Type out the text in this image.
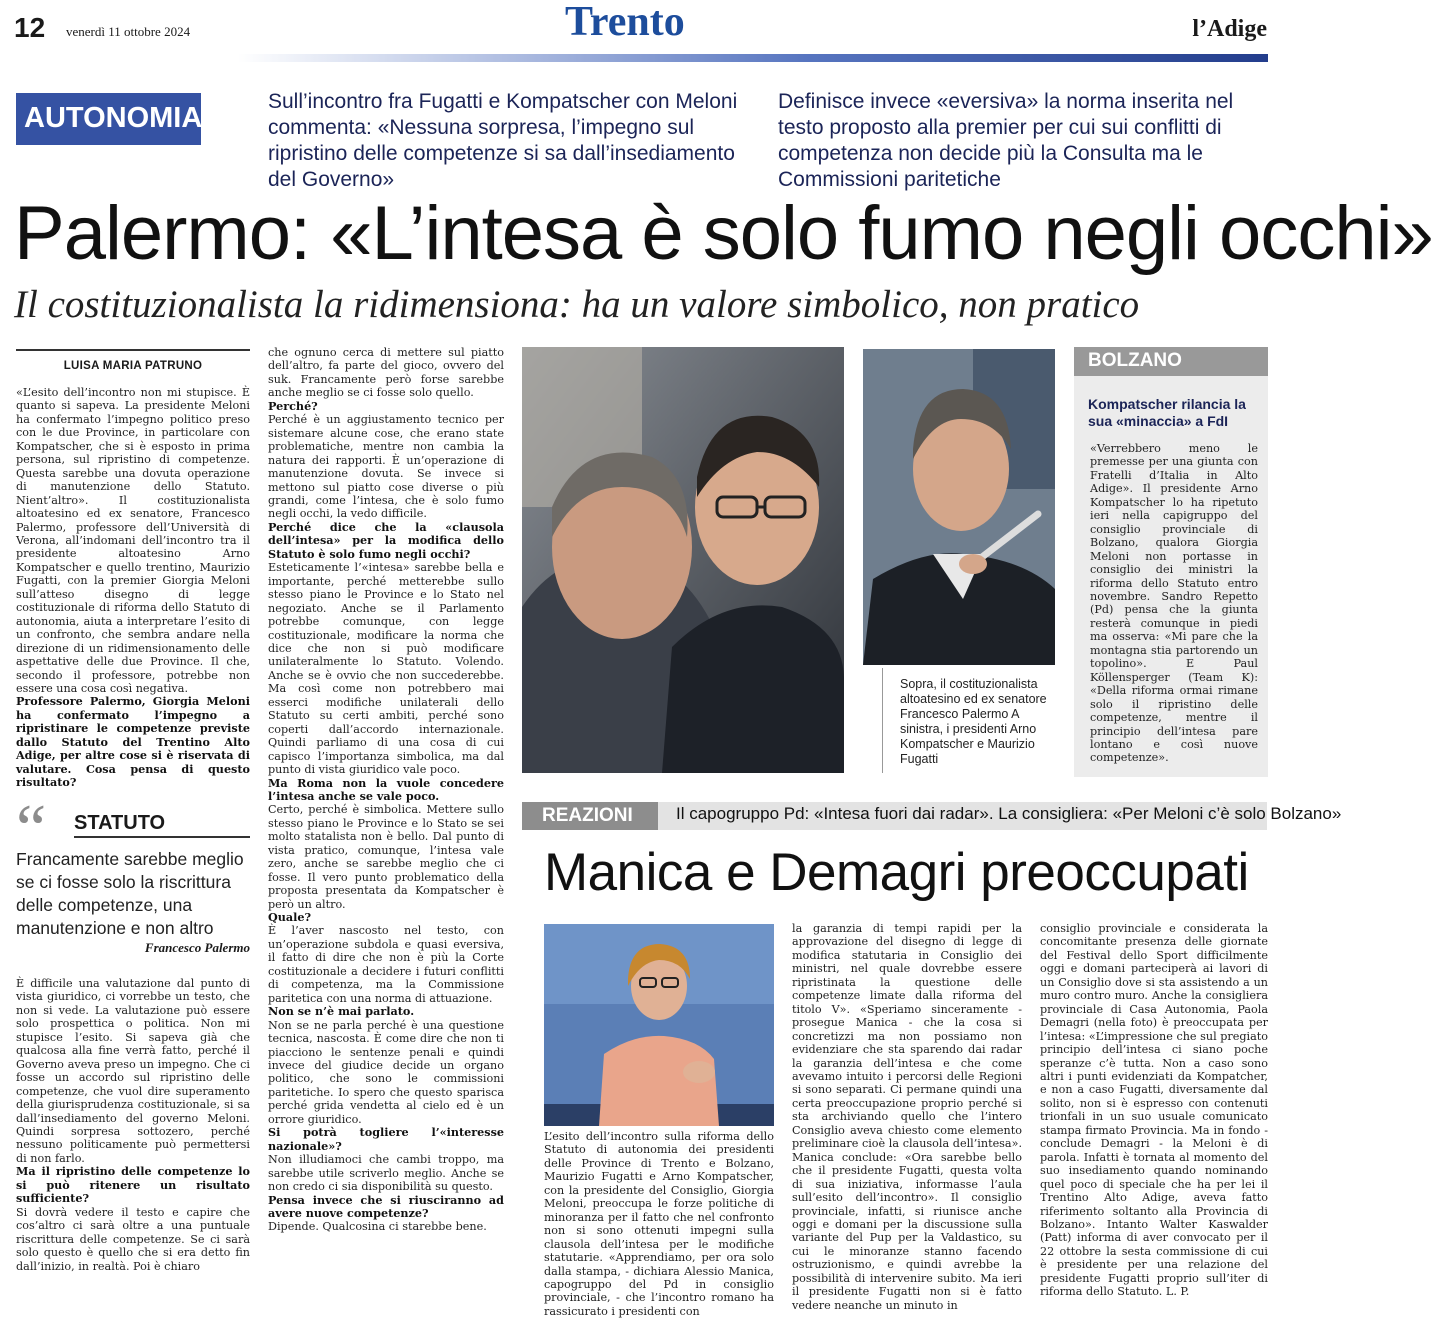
12 venerdì 11 ottobre 2024	Trento	l’Adige
AUTONOMIA
Sull’incontro fra Fugatti e Kompatscher con Meloni commenta: «Nessuna sorpresa, l’impegno sul ripristino delle competenze si sa dall’insediamento del Governo»
Definisce invece «eversiva» la norma inserita nel testo proposto alla premier per cui sui conflitti di competenza non decide più la Consulta ma le Commissioni paritetiche
Palermo: «L’intesa è solo fumo negli occhi»
Il costituzionalista la ridimensiona: ha un valore simbolico, non pratico
LUISA MARIA PATRUNO
«L’esito dell’incontro non mi stupisce. È quanto si sapeva. La presidente Meloni ha confermato l’impegno politico preso con le due Province, in particolare con Kompatscher, che si è esposto in prima persona, sul ripristino di competenze. Questa sarebbe una dovuta operazione di manutenzione dello Statuto. Nient’altro». Il costituzionalista altoatesino ed ex senatore, Francesco Palermo, professore dell’Università di Verona, all’indomani dell’incontro tra il presidente altoatesino Arno Kompatscher e quello trentino, Maurizio Fugatti, con la premier Giorgia Meloni sull’atteso disegno di legge costituzionale di riforma dello Statuto di autonomia, aiuta a interpretare l’esito di un confronto, che sembra andare nella direzione di un ridimensionamento delle aspettative delle due Province. Il che, secondo il professore, potrebbe non essere una cosa così negativa.
Professore Palermo, Giorgia Meloni ha confermato l’impegno a ripristinare le competenze previste dallo Statuto del Trentino Alto Adige, per altre cose si è riservata di valutare. Cosa pensa di questo risultato?
“ STATUTO
Francamente sarebbe meglio se ci fosse solo la riscrittura delle competenze, una manutenzione e non altro
Francesco Palermo
È difficile una valutazione dal punto di vista giuridico, ci vorrebbe un testo, che non si vede. La valutazione può essere solo prospettica o politica. Non mi stupisce l’esito. Si sapeva già che qualcosa alla fine verrà fatto, perché il Governo aveva preso un impegno. Che ci fosse un accordo sul ripristino delle competenze, che vuol dire superamento della giurisprudenza costituzionale, si sa dall’insediamento del governo Meloni. Quindi sorpresa sottozero, perché nessuno politicamente può permettersi di non farlo.
Ma il ripristino delle competenze lo si può ritenere un risultato sufficiente?
Si dovrà vedere il testo e capire che cos’altro ci sarà oltre a una puntuale riscrittura delle competenze. Se ci sarà solo questo è quello che si era detto fin dall’inizio, in realtà. Poi è chiaro
che ognuno cerca di mettere sul piatto dell’altro, fa parte del gioco, ovvero del suk. Francamente però forse sarebbe anche meglio se ci fosse solo quello.
Perché?
Perché è un aggiustamento tecnico per sistemare alcune cose, che erano state problematiche, mentre non cambia la natura dei rapporti. È un’operazione di manutenzione dovuta. Se invece si mettono sul piatto cose diverse o più grandi, come l’intesa, che è solo fumo negli occhi, la vedo difficile.
Perché dice che la «clausola dell’intesa» per la modifica dello Statuto è solo fumo negli occhi?
Esteticamente l’«intesa» sarebbe bella e importante, perché metterebbe sullo stesso piano le Province e lo Stato nel negoziato. Anche se il Parlamento potrebbe comunque, con legge costituzionale, modificare la norma che dice che non si può modificare unilateralmente lo Statuto. Volendo. Anche se è ovvio che non succederebbe. Ma così come non potrebbero mai esserci modifiche unilaterali dello Statuto su certi ambiti, perché sono coperti dall’accordo internazionale. Quindi parliamo di una cosa di cui capisco l’importanza simbolica, ma dal punto di vista giuridico vale poco.
Ma Roma non la vuole concedere l’intesa anche se vale poco.
Certo, perché è simbolica. Mettere sullo stesso piano le Province e lo Stato se sei molto statalista non è bello. Dal punto di vista pratico, comunque, l’intesa vale zero, anche se sarebbe meglio che ci fosse. Il vero punto problematico della proposta presentata da Kompatscher è però un altro.
Quale?
È l’aver nascosto nel testo, con un’operazione subdola e quasi eversiva, il fatto di dire che non è più la Corte costituzionale a decidere i futuri conflitti di competenza, ma la Commissione paritetica con una norma di attuazione.
Non se n’è mai parlato.
Non se ne parla perché è una questione tecnica, nascosta. È come dire che non ti piacciono le sentenze penali e quindi invece del giudice decide un organo politico, che sono le commissioni paritetiche. Io spero che questo sparisca perché grida vendetta al cielo ed è un orrore giuridico.
Si potrà togliere l’«interesse nazionale»?
Non illudiamoci che cambi troppo, ma sarebbe utile scriverlo meglio. Anche se non credo ci sia disponibilità su questo.
Pensa invece che si riusciranno ad avere nuove competenze?
Dipende. Qualcosina ci starebbe bene.
Sopra, il costituzionalista altoatesino ed ex senatore Francesco Palermo A sinistra, i presidenti Arno Kompatscher e Maurizio Fugatti
BOLZANO
Kompatscher rilancia la sua «minaccia» a FdI
«Verrebbero meno le premesse per una giunta con Fratelli d’Italia in Alto Adige». Il presidente Arno Kompatscher lo ha ripetuto ieri nella capigruppo del consiglio provinciale di Bolzano, qualora Giorgia Meloni non portasse in consiglio dei ministri la riforma dello Statuto entro novembre. Sandro Repetto (Pd) pensa che la giunta resterà comunque in piedi ma osserva: «Mi pare che la montagna stia partorendo un topolino». E Paul Köllensperger (Team K): «Della riforma ormai rimane solo il ripristino delle competenze, mentre il principio dell’intesa pare lontano e così nuove competenze».
REAZIONI	Il capogruppo Pd: «Intesa fuori dai radar». La consigliera: «Per Meloni c’è solo Bolzano»
Manica e Demagri preoccupati
L’esito dell’incontro sulla riforma dello Statuto di autonomia dei presidenti delle Province di Trento e Bolzano, Maurizio Fugatti e Arno Kompatscher, con la presidente del Consiglio, Giorgia Meloni, preoccupa le forze politiche di minoranza per il fatto che nel confronto non si sono ottenuti impegni sulla clausola dell’intesa per le modifiche statutarie. «Apprendiamo, per ora solo dalla stampa, - dichiara Alessio Manica, capogruppo del Pd in consiglio provinciale, - che l’incontro romano ha rassicurato i presidenti con
la garanzia di tempi rapidi per la approvazione del disegno di legge di modifica statutaria in Consiglio dei ministri, nel quale dovrebbe essere ripristinata la questione delle competenze limate dalla riforma del titolo V». «Speriamo sinceramente - prosegue Manica - che la cosa si concretizzi ma non possiamo non evidenziare che sta sparendo dai radar la garanzia dell’intesa e che come avevamo intuito i percorsi delle Regioni si sono separati. Ci permane quindi una certa preoccupazione proprio perché si sta archiviando quello che l’intero Consiglio aveva chiesto come elemento preliminare cioè la clausola dell’intesa». Manica conclude: «Ora sarebbe bello che il presidente Fugatti, questa volta di sua iniziativa, informasse l’aula sull’esito dell’incontro». Il consiglio provinciale, infatti, si riunisce anche oggi e domani per la discussione sulla variante del Pup per la Valdastico, su cui le minoranze stanno facendo ostruzionismo, e quindi avrebbe la possibilità di intervenire subito. Ma ieri il presidente Fugatti non si è fatto vedere neanche un minuto in
consiglio provinciale e considerata la concomitante presenza delle giornate del Festival dello Sport difficilmente oggi e domani parteciperà ai lavori di un Consiglio dove si sta assistendo a un muro contro muro. Anche la consigliera provinciale di Casa Autonomia, Paola Demagri (nella foto) è preoccupata per l’intesa: «L’impressione che sul pregiato principio dell’intesa ci siano poche speranze c’è tutta. Non a caso sono altri i punti evidenziati da Kompatcher, e non a caso Fugatti, diversamente dal solito, non si è espresso con contenuti trionfali in un suo usuale comunicato stampa firmato Provincia. Ma in fondo - conclude Demagri - la Meloni è di parola. Infatti è tornata al momento del suo insediamento quando nominando quel poco di speciale che ha per lei il Trentino Alto Adige, aveva fatto riferimento soltanto alla Provincia di Bolzano». Intanto Walter Kaswalder (Patt) informa di aver convocato per il 22 ottobre la sesta commissione di cui è presidente per una relazione del presidente Fugatti proprio sull’iter di riforma dello Statuto. L. P.
